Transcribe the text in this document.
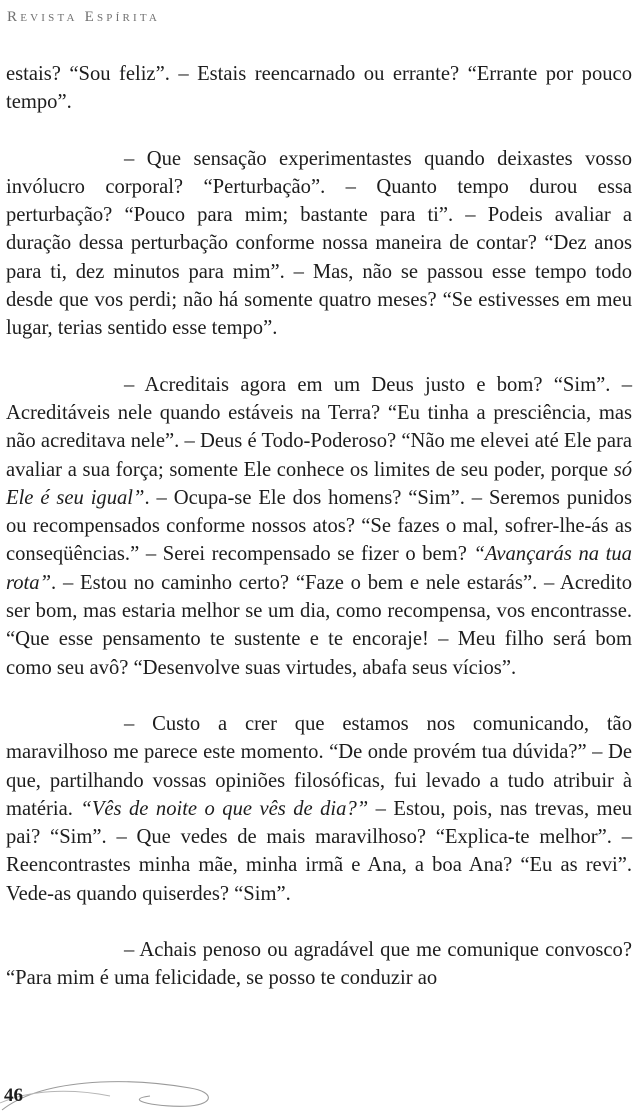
Revista Espírita

estais? “Sou feliz”. – Estais reencarnado ou errante? “Errante por pouco tempo”.

– Que sensação experimentastes quando deixastes vosso invólucro corporal? “Perturbação”. – Quanto tempo durou essa perturbação? “Pouco para mim; bastante para ti”. – Podeis avaliar a duração dessa perturbação conforme nossa maneira de contar? “Dez anos para ti, dez minutos para mim”. – Mas, não se passou esse tempo todo desde que vos perdi; não há somente quatro meses? “Se estivesses em meu lugar, terias sentido esse tempo”.

– Acreditais agora em um Deus justo e bom? “Sim”. – Acreditáveis nele quando estáveis na Terra? “Eu tinha a presciência, mas não acreditava nele”. – Deus é Todo-Poderoso? “Não me elevei até Ele para avaliar a sua força; somente Ele conhece os limites de seu poder, porque só Ele é seu igual”. – Ocupa-se Ele dos homens? “Sim”. – Seremos punidos ou recompensados conforme nossos atos? “Se fazes o mal, sofrer-lhe-ás as conseqüências.” – Serei recompensado se fizer o bem? “Avançarás na tua rota”. – Estou no caminho certo? “Faze o bem e nele estarás”. – Acredito ser bom, mas estaria melhor se um dia, como recompensa, vos encontrasse. “Que esse pensamento te sustente e te encoraje! – Meu filho será bom como seu avô? “Desenvolve suas virtudes, abafa seus vícios”.

– Custo a crer que estamos nos comunicando, tão maravilhoso me parece este momento. “De onde provém tua dúvida?” – De que, partilhando vossas opiniões filosóficas, fui levado a tudo atribuir à matéria. “Vês de noite o que vês de dia?” – Estou, pois, nas trevas, meu pai? “Sim”. – Que vedes de mais maravilhoso? “Explica-te melhor”. – Reencontrastes minha mãe, minha irmã e Ana, a boa Ana? “Eu as revi”. Vede-as quando quiserdes? “Sim”.

– Achais penoso ou agradável que me comunique convosco? “Para mim é uma felicidade, se posso te conduzir ao

46
